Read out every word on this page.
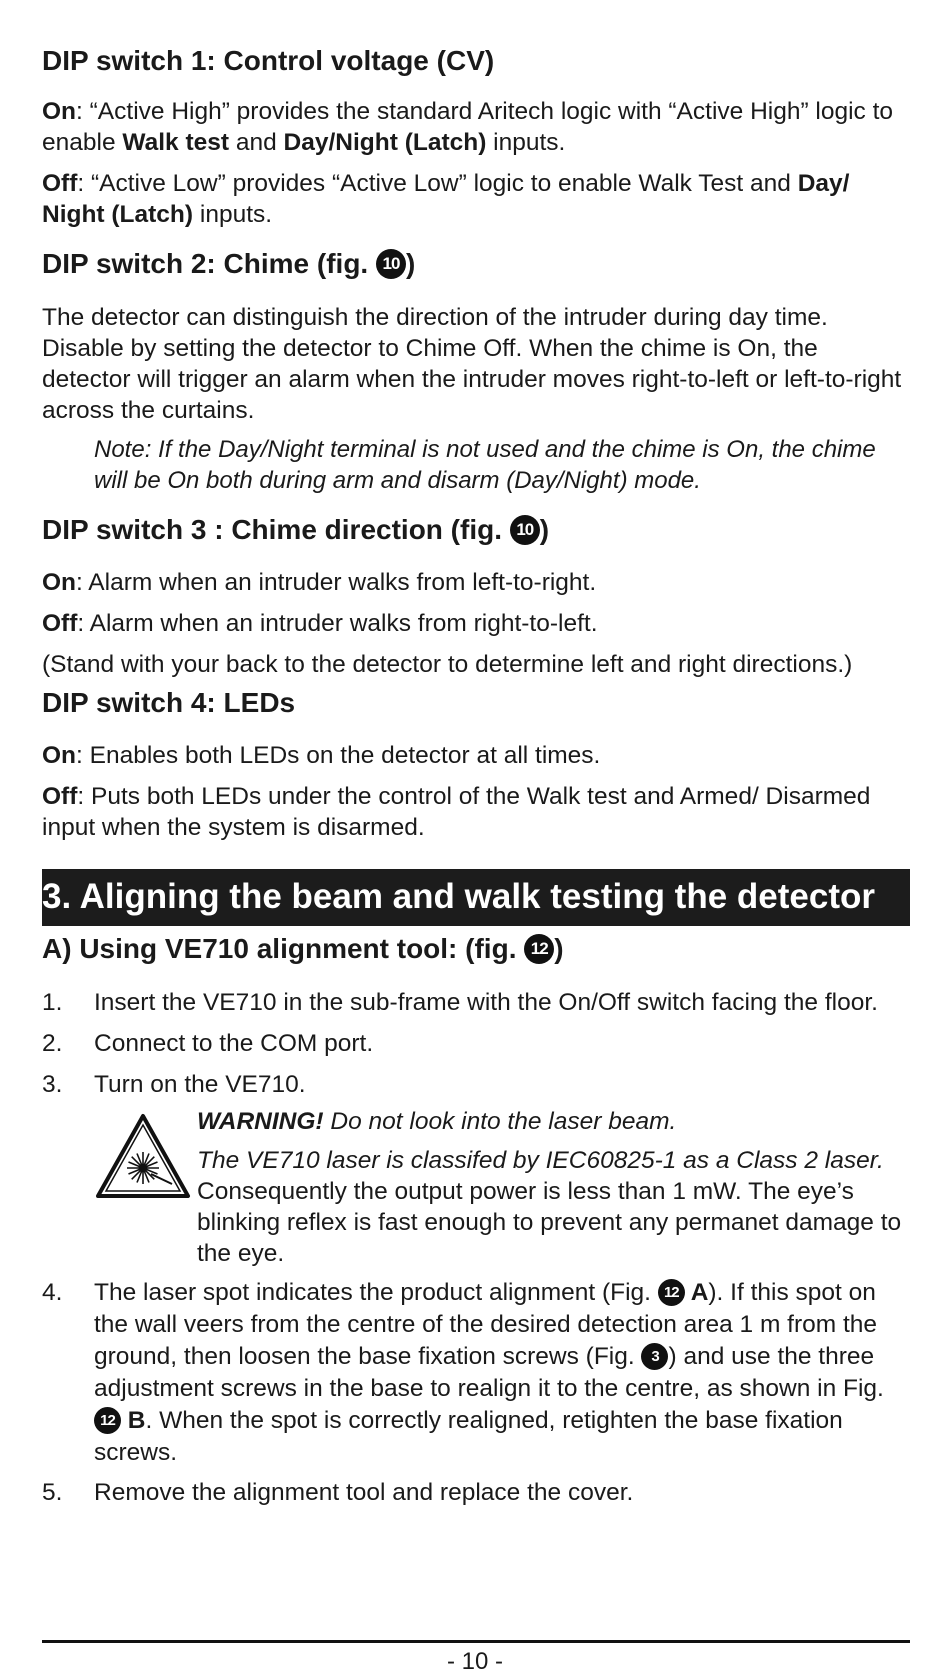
DIP switch 1: Control voltage (CV)

On: “Active High” provides the standard Aritech logic with “Active High” logic to enable Walk test and Day/Night (Latch) inputs.

Off: “Active Low” provides “Active Low” logic to enable Walk Test and Day/ Night (Latch) inputs.

DIP switch 2: Chime (fig. 10 )

The detector can distinguish the direction of the intruder during day time. Disable by setting the detector to Chime Off. When the chime is On, the detector will trigger an alarm when the intruder moves right-to-left or left-to-right across the curtains.

Note: If the Day/Night terminal is not used and the chime is On, the chime will be On both during arm and disarm (Day/Night) mode.

DIP switch 3 : Chime direction (fig. 10 )

On: Alarm when an intruder walks from left-to-right.

Off: Alarm when an intruder walks from right-to-left.

(Stand with your back to the detector to determine left and right directions.)

DIP switch 4: LEDs

On: Enables both LEDs on the detector at all times.

Off: Puts both LEDs under the control of the Walk test and Armed/ Disarmed input when the system is disarmed.

3. Aligning the beam and walk testing the detector
A) Using VE710 alignment tool: (fig. 12 )
1. Insert the VE710 in the sub-frame with the On/Off switch facing the floor.
2. Connect to the COM port.
3. Turn on the VE710.
WARNING! Do not look into the laser beam.
The VE710 laser is classifed by IEC60825-1 as a Class 2 laser. Consequently the output power is less than 1 mW. The eye’s blinking reflex is fast enough to prevent any permanet damage to the eye.
4. The laser spot indicates the product alignment (Fig. 12 A). If this spot on the wall veers from the centre of the desired detection area 1 m from the ground, then loosen the base fixation screws (Fig. 3 ) and use the three adjustment screws in the base to realign it to the centre, as shown in Fig. 12 B. When the spot is correctly realigned, retighten the base fixation screws.
5. Remove the alignment tool and replace the cover.
- 10 -
